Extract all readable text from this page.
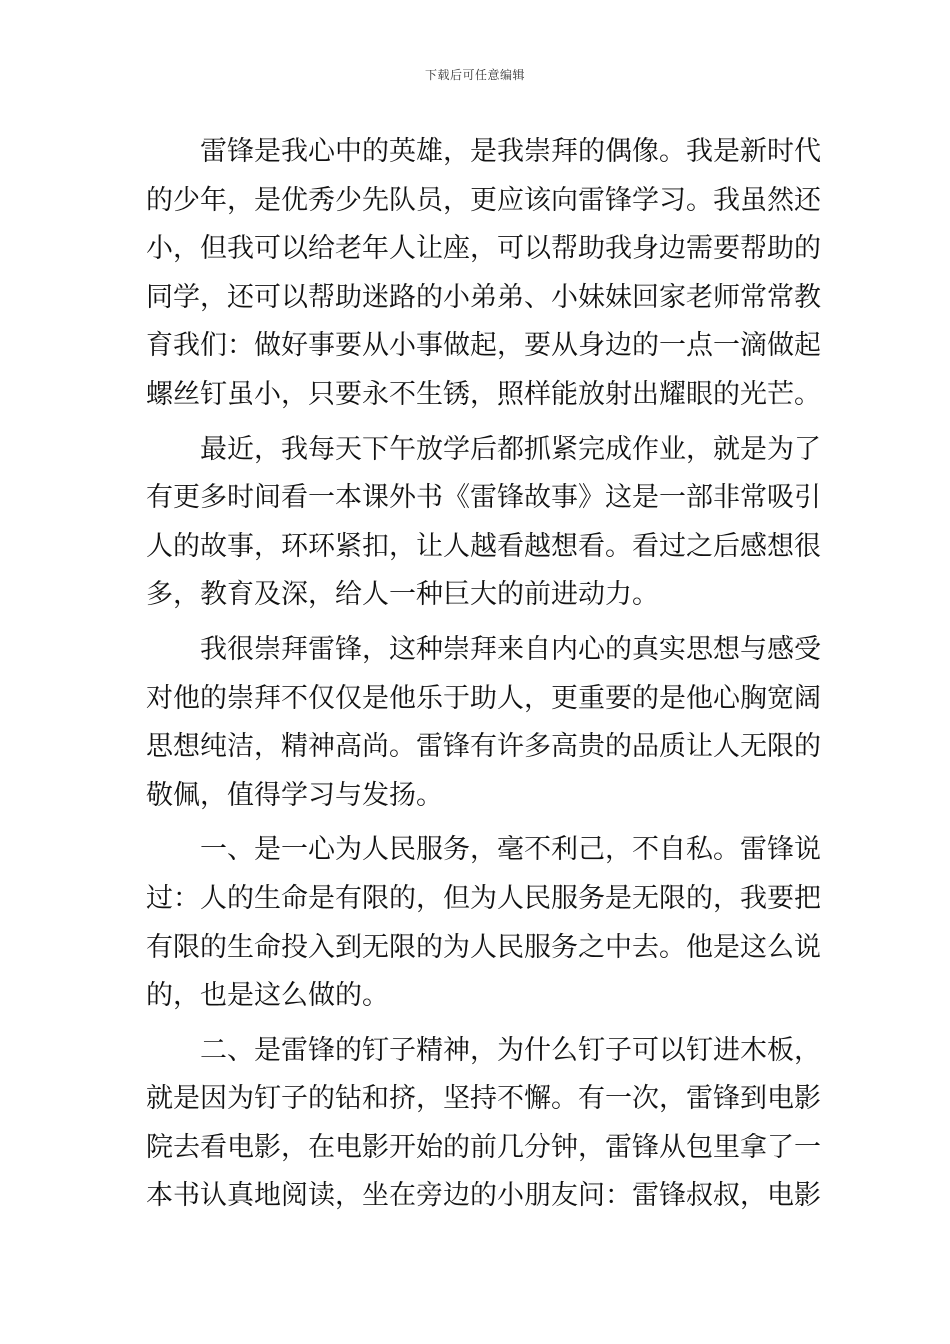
下载后可任意编辑
雷锋是我心中的英雄，是我崇拜的偶像。我是新时代
的少年，是优秀少先队员，更应该向雷锋学习。我虽然还
小，但我可以给老年人让座，可以帮助我身边需要帮助的
同学，还可以帮助迷路的小弟弟、小妹妹回家老师常常教
育我们：做好事要从小事做起，要从身边的一点一滴做起
螺丝钉虽小，只要永不生锈，照样能放射出耀眼的光芒。
最近，我每天下午放学后都抓紧完成作业，就是为了
有更多时间看一本课外书《雷锋故事》这是一部非常吸引
人的故事，环环紧扣，让人越看越想看。看过之后感想很
多，教育及深，给人一种巨大的前进动力。
我很崇拜雷锋，这种崇拜来自内心的真实思想与感受
对他的崇拜不仅仅是他乐于助人，更重要的是他心胸宽阔
思想纯洁，精神高尚。雷锋有许多高贵的品质让人无限的
敬佩，值得学习与发扬。
一、是一心为人民服务，毫不利己，不自私。雷锋说
过：人的生命是有限的，但为人民服务是无限的，我要把
有限的生命投入到无限的为人民服务之中去。他是这么说
的，也是这么做的。
二、是雷锋的钉子精神，为什么钉子可以钉进木板，
就是因为钉子的钻和挤，坚持不懈。有一次，雷锋到电影
院去看电影，在电影开始的前几分钟，雷锋从包里拿了一
本书认真地阅读，坐在旁边的小朋友问：雷锋叔叔，电影
